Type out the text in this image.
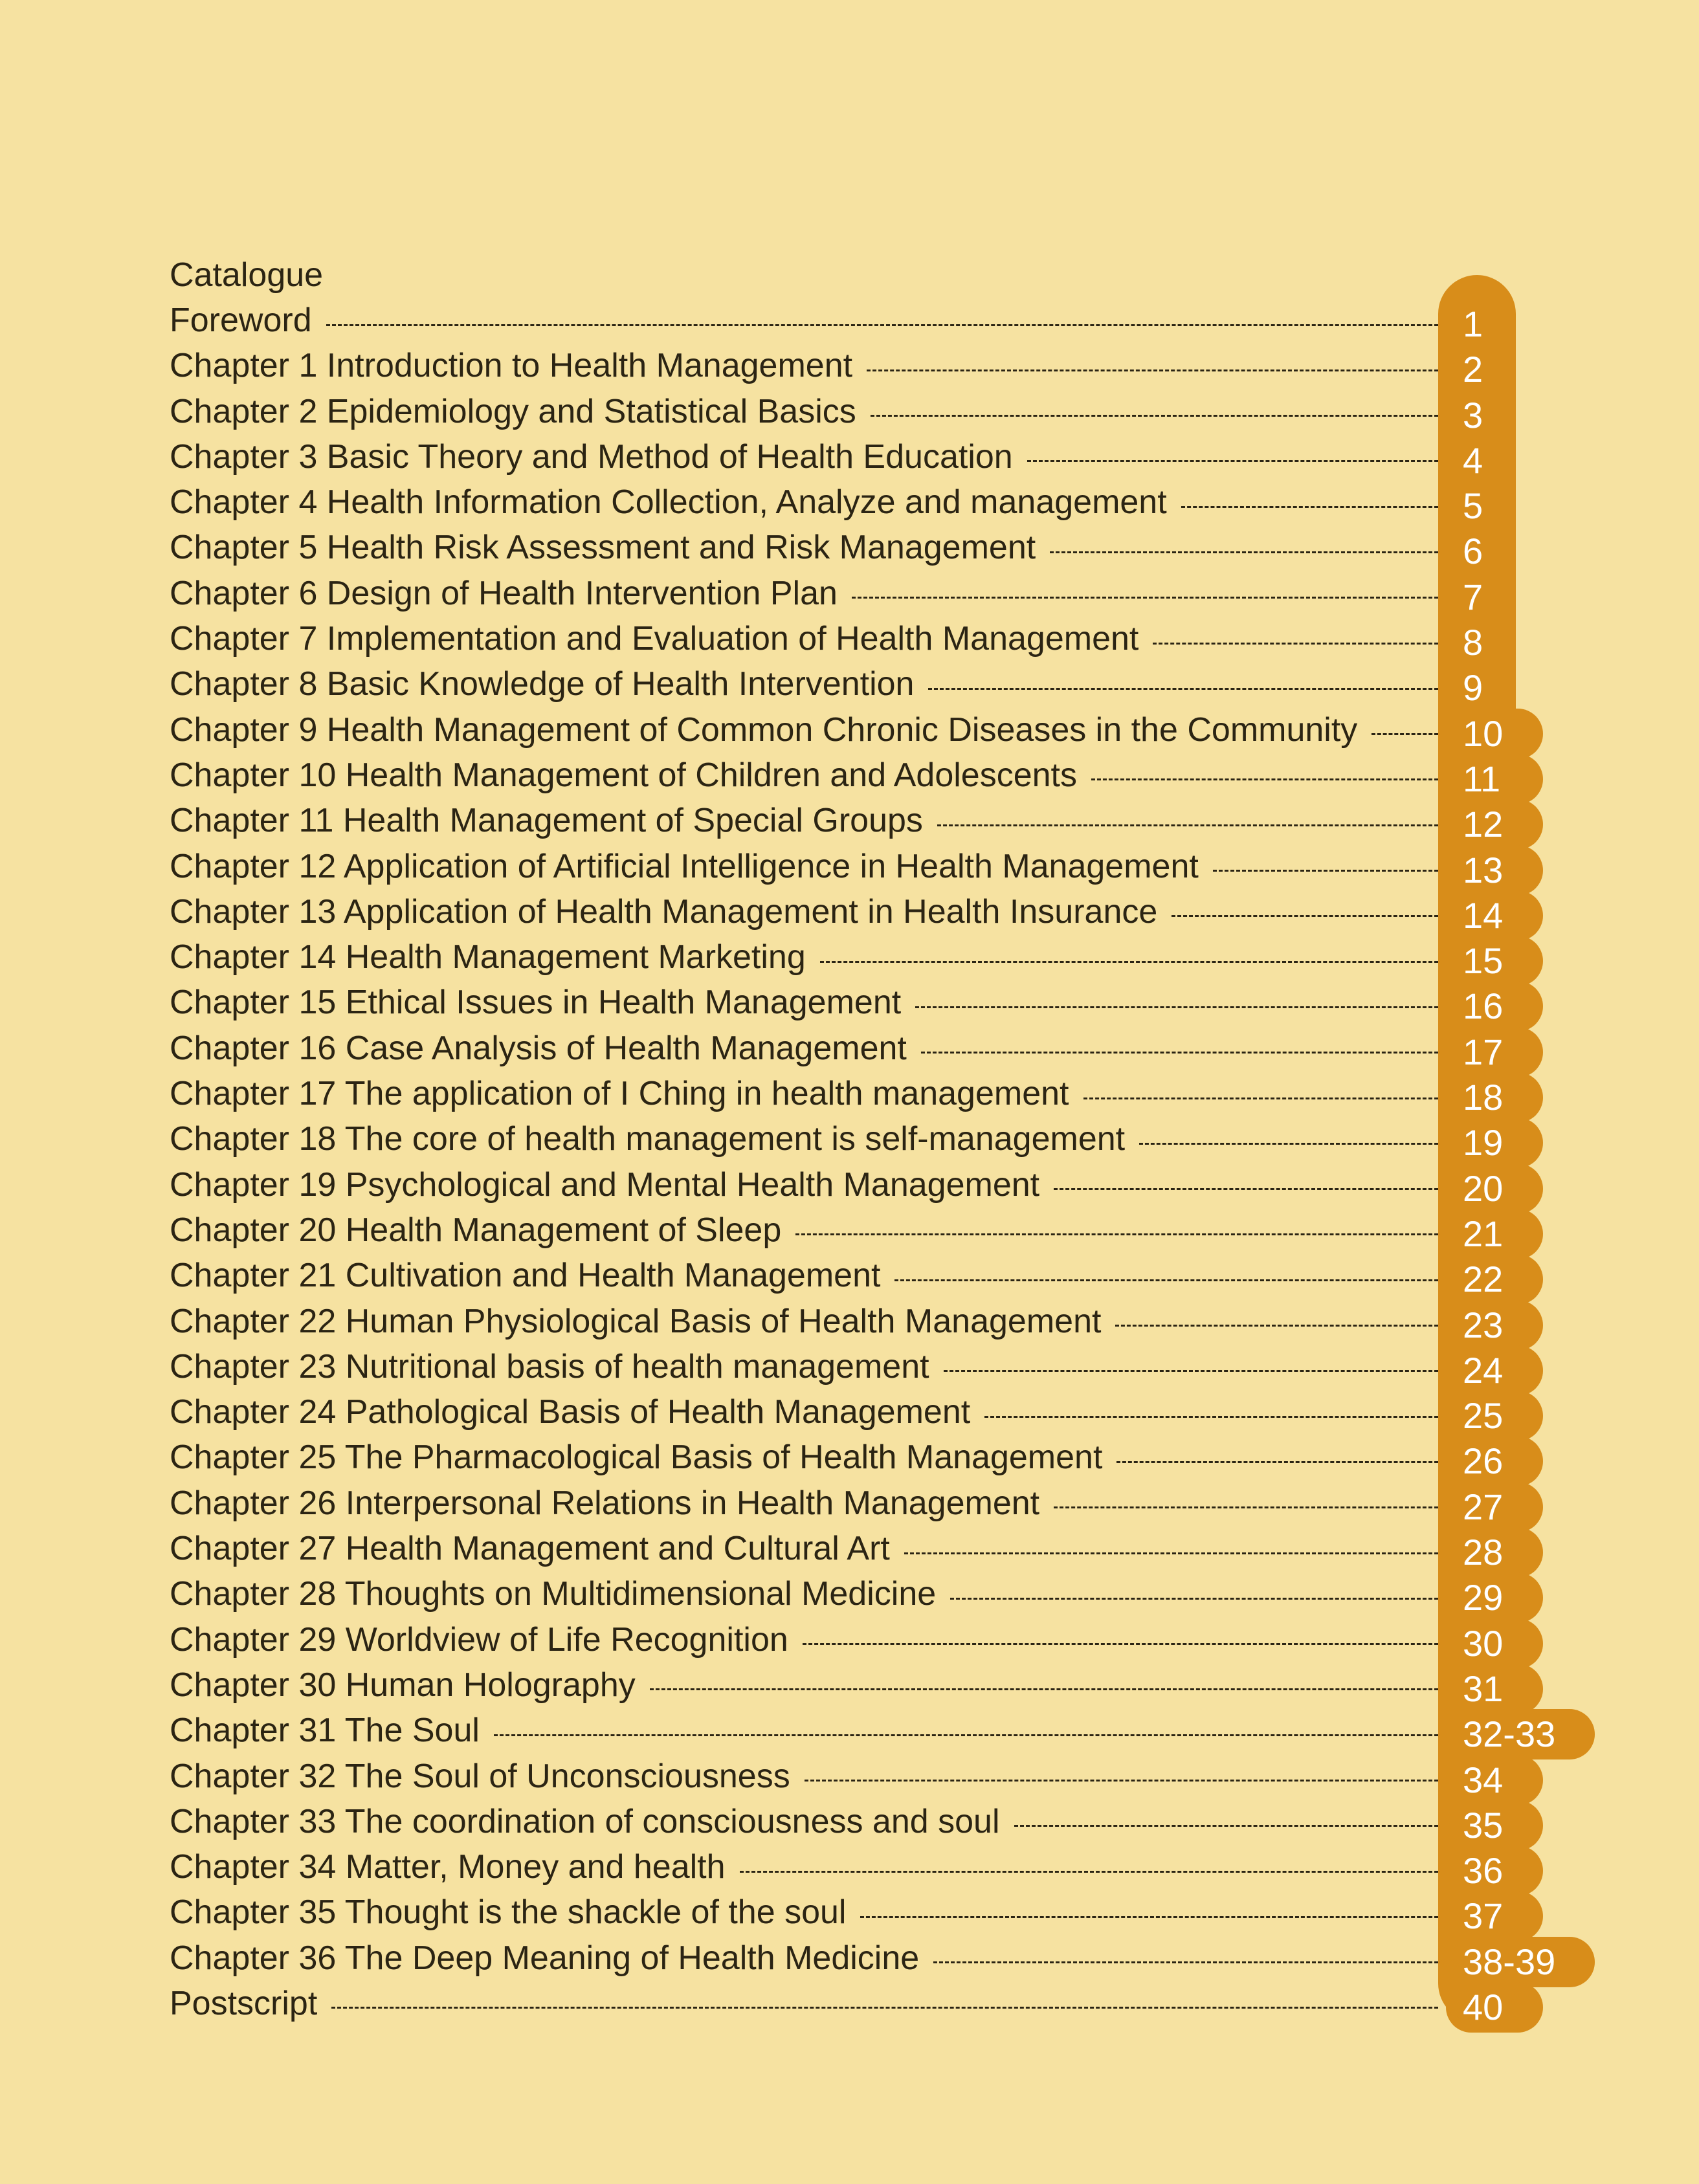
Catalogue
Foreword	1
Chapter 1 Introduction to Health Management	2
Chapter 2 Epidemiology and Statistical Basics	3
Chapter 3 Basic Theory and Method of Health Education	4
Chapter 4 Health Information Collection, Analyze and management	5
Chapter 5 Health Risk Assessment and Risk Management	6
Chapter 6 Design of Health Intervention Plan	7
Chapter 7 Implementation and Evaluation of Health Management	8
Chapter 8 Basic Knowledge of Health Intervention	9
Chapter 9 Health Management of Common Chronic Diseases in the Community	10
Chapter 10 Health Management of Children and Adolescents	11
Chapter 11 Health Management of Special Groups	12
Chapter 12 Application of Artificial Intelligence in Health Management	13
Chapter 13 Application of Health Management in Health Insurance	14
Chapter 14 Health Management Marketing	15
Chapter 15 Ethical Issues in Health Management	16
Chapter 16 Case Analysis of Health Management	17
Chapter 17 The application of I Ching in health management	18
Chapter 18 The core of health management is self-management	19
Chapter 19 Psychological and Mental Health Management	20
Chapter 20 Health Management of Sleep	21
Chapter 21 Cultivation and Health Management	22
Chapter 22 Human Physiological Basis of Health Management	23
Chapter 23 Nutritional basis of health management	24
Chapter 24 Pathological Basis of Health Management	25
Chapter 25 The Pharmacological Basis of Health Management	26
Chapter 26 Interpersonal Relations in Health Management	27
Chapter 27 Health Management and Cultural Art	28
Chapter 28 Thoughts on Multidimensional Medicine	29
Chapter 29 Worldview of Life Recognition	30
Chapter 30 Human Holography	31
Chapter 31 The Soul	32-33
Chapter 32 The Soul of Unconsciousness	34
Chapter 33 The coordination of consciousness and soul	35
Chapter 34 Matter, Money and health	36
Chapter 35 Thought is the shackle of the soul	37
Chapter 36 The Deep Meaning of Health Medicine	38-39
Postscript	40
